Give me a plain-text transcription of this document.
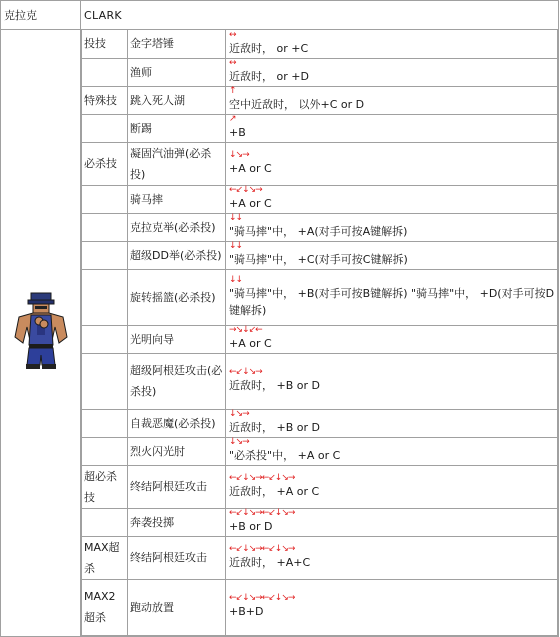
克拉克	CLARK

投技	金字塔锤	
↔
近敌时， or +C

	渔师	
↔
近敌时， or +D

特殊技	跳入死人湖	
↑
空中近敌时， 以外+C or D

	断踢	
↗
+B

必杀技	凝固汽油弹(必杀投)	
↓↘→
+A or C

	骑马摔	
←↙↓↘→
+A or C

	克拉克举(必杀投)	
↓↓
"骑马摔"中， +A(对手可按A键解拆)

	超级DD举(必杀投)	
↓↓
"骑马摔"中， +C(对手可按C键解拆)

	旋转摇篮(必杀投)	
↓↓
"骑马摔"中， +B(对手可按B键解拆) "骑马摔"中， +D(对手可按D键解拆)

	光明向导	
→↘↓↙←
+A or C

	超级阿根廷攻击(必杀投)	
←↙↓↘→
近敌时， +B or D

	自裁恶魔(必杀投)	
↓↘→
近敌时， +B or D

	烈火闪光肘	
↓↘→
"必杀投"中， +A or C

超必杀技	终结阿根廷攻击	
←↙↓↘→←↙↓↘→
近敌时， +A or C

	奔袭投掷	
←↙↓↘→←↙↓↘→
+B or D

MAX超杀	终结阿根廷攻击	
←↙↓↘→←↙↓↘→
近敌时， +A+C

MAX2超杀	跑动放置	
←↙↓↘→←↙↓↘→
+B+D
